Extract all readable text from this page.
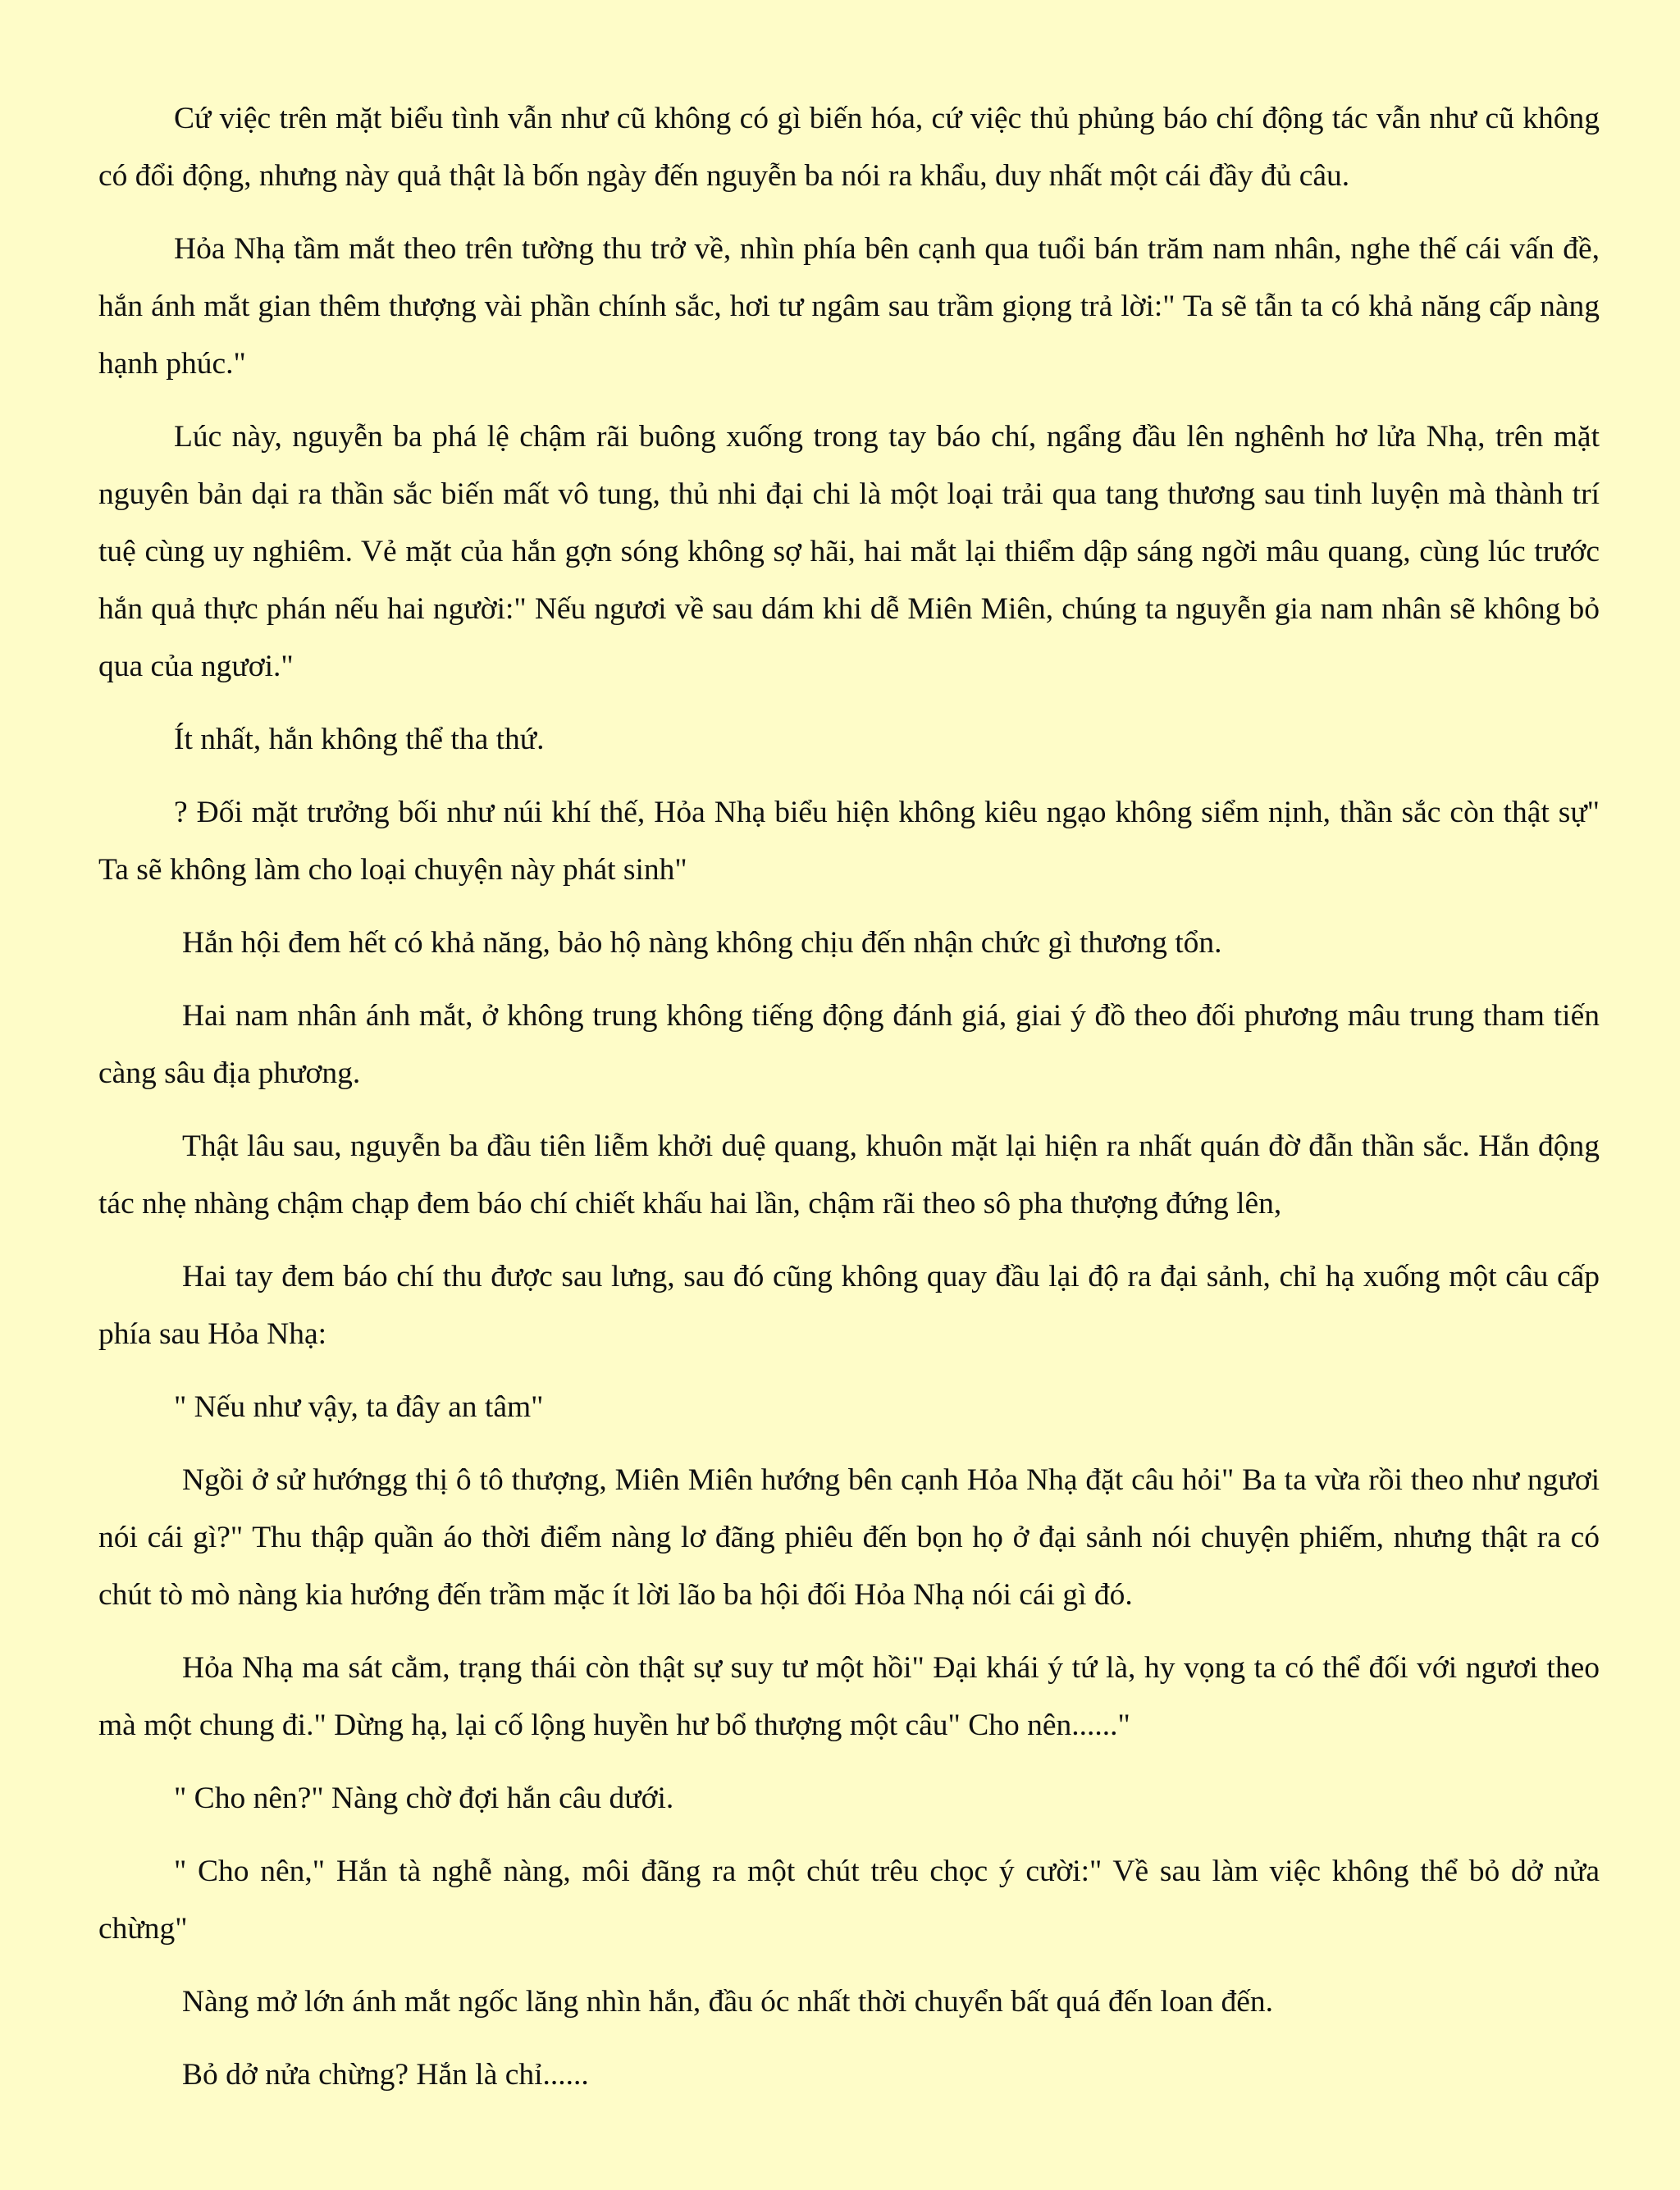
Cứ việc trên mặt biểu tình vẫn như cũ không có gì biến hóa, cứ việc thủ phủng báo chí động tác vẫn như cũ không có đổi động, nhưng này quả thật là bốn ngày đến nguyễn ba nói ra khẩu, duy nhất một cái đầy đủ câu.

Hỏa Nhạ tầm mắt theo trên tường thu trở về, nhìn phía bên cạnh qua tuổi bán trăm nam nhân, nghe thế cái vấn đề, hắn ánh mắt gian thêm thượng vài phần chính sắc, hơi tư ngâm sau trầm giọng trả lời:" Ta sẽ tẫn ta có khả năng cấp nàng hạnh phúc."

Lúc này, nguyễn ba phá lệ chậm rãi buông xuống trong tay báo chí, ngẩng đầu lên nghênh hơ lửa Nhạ, trên mặt nguyên bản dại ra thần sắc biến mất vô tung, thủ nhi đại chi là một loại trải qua tang thương sau tinh luyện mà thành trí tuệ cùng uy nghiêm. Vẻ mặt của hắn gợn sóng không sợ hãi, hai mắt lại thiểm dập sáng ngời mâu quang, cùng lúc trước hắn quả thực phán nếu hai người:" Nếu ngươi về sau dám khi dễ Miên Miên, chúng ta nguyễn gia nam nhân sẽ không bỏ qua của ngươi."

Ít nhất, hắn không thể tha thứ.

? Đối mặt trưởng bối như núi khí thế, Hỏa Nhạ biểu hiện không kiêu ngạo không siểm nịnh, thần sắc còn thật sự" Ta sẽ không làm cho loại chuyện này phát sinh"

Hắn hội đem hết có khả năng, bảo hộ nàng không chịu đến nhận chức gì thương tổn.

Hai nam nhân ánh mắt, ở không trung không tiếng động đánh giá, giai ý đồ theo đối phương mâu trung tham tiến càng sâu địa phương.

Thật lâu sau, nguyễn ba đầu tiên liễm khởi duệ quang, khuôn mặt lại hiện ra nhất quán đờ đẫn thần sắc. Hắn động tác nhẹ nhàng chậm chạp đem báo chí chiết khấu hai lần, chậm rãi theo sô pha thượng đứng lên,

Hai tay đem báo chí thu được sau lưng, sau đó cũng không quay đầu lại độ ra đại sảnh, chỉ hạ xuống một câu cấp phía sau Hỏa Nhạ:

" Nếu như vậy, ta đây an tâm"

Ngồi ở sử hướngg thị ô tô thượng, Miên Miên hướng bên cạnh Hỏa Nhạ đặt câu hỏi" Ba ta vừa rồi theo như ngươi nói cái gì?" Thu thập quần áo thời điểm nàng lơ đãng phiêu đến bọn họ ở đại sảnh nói chuyện phiếm, nhưng thật ra có chút tò mò nàng kia hướng đến trầm mặc ít lời lão ba hội đối Hỏa Nhạ nói cái gì đó.

Hỏa Nhạ ma sát cằm, trạng thái còn thật sự suy tư một hồi" Đại khái ý tứ là, hy vọng ta có thể đối với ngươi theo mà một chung đi." Dừng hạ, lại cố lộng huyền hư bổ thượng một câu" Cho nên......"

" Cho nên?" Nàng chờ đợi hắn câu dưới.

" Cho nên," Hắn tà nghễ nàng, môi đãng ra một chút trêu chọc ý cười:" Về sau làm việc không thể bỏ dở nửa chừng"

Nàng mở lớn ánh mắt ngốc lăng nhìn hắn, đầu óc nhất thời chuyển bất quá đến loan đến.

Bỏ dở nửa chừng? Hắn là chỉ......
